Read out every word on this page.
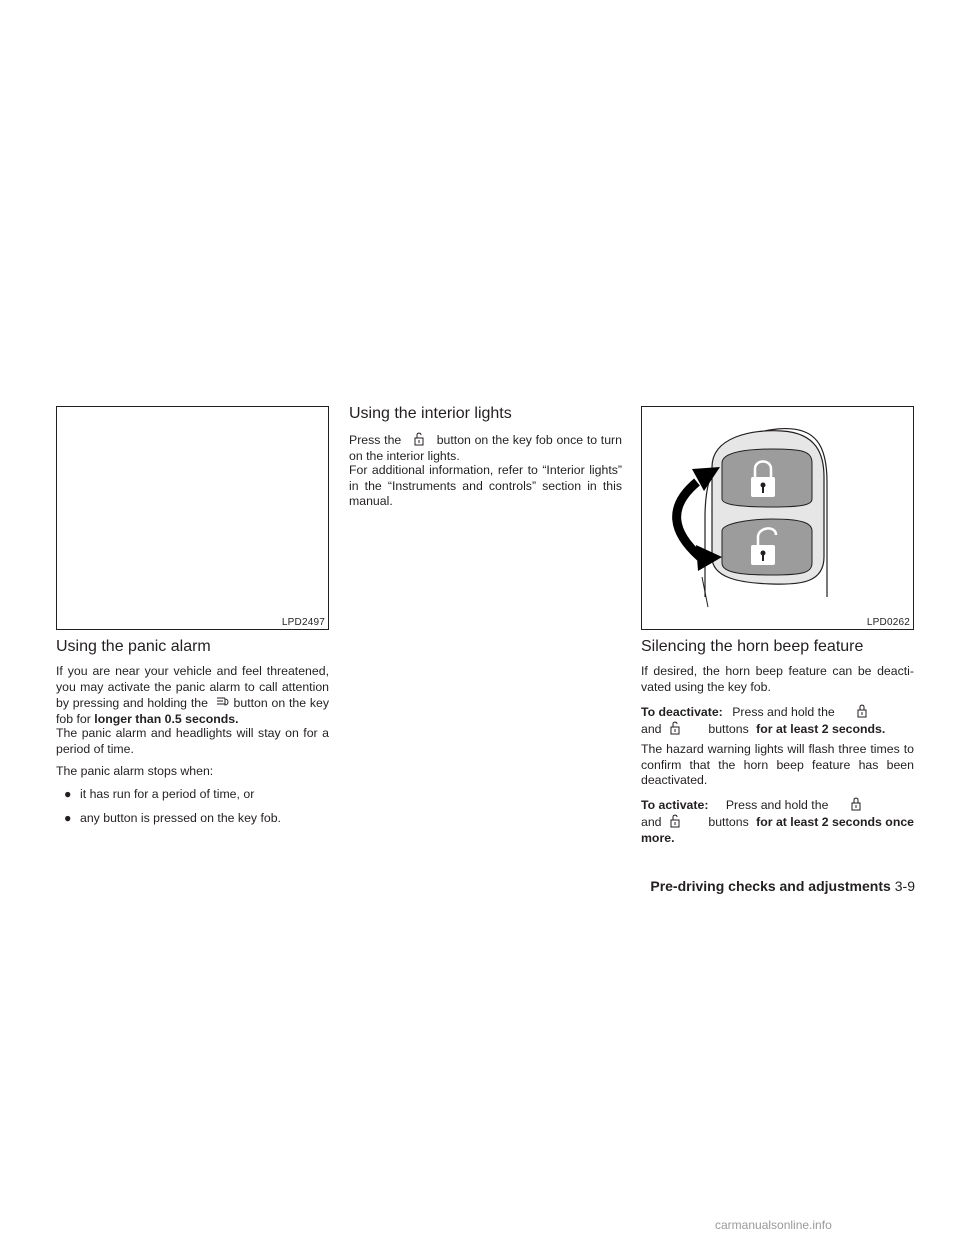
LPD2497	LPD0262
Using the panic alarm

If you are near your vehicle and feel threatened, you may activate the panic alarm to call attention by pressing and holding the button on the key fob for longer than 0.5 seconds.

The panic alarm and headlights will stay on for a period of time.

The panic alarm stops when:

● it has run for a period of time, or

● any button is pressed on the key fob.

Using the interior lights

Press the	button on the key fob once to turn on the interior lights.

For additional information, refer to “Interior lights” in the “Instruments and controls” section in this manual.

Silencing the horn beep feature

If desired, the horn beep feature can be deacti- vated using the key fob.

To deactivate: Press and hold the

and	buttons for at least 2 seconds.

The hazard warning lights will flash three times to confirm that the horn beep feature has been deactivated.

To activate: Press and hold the

and	buttons for at least 2 seconds once more.

Pre-driving checks and adjustments 3-9
carmanualsonline.info
